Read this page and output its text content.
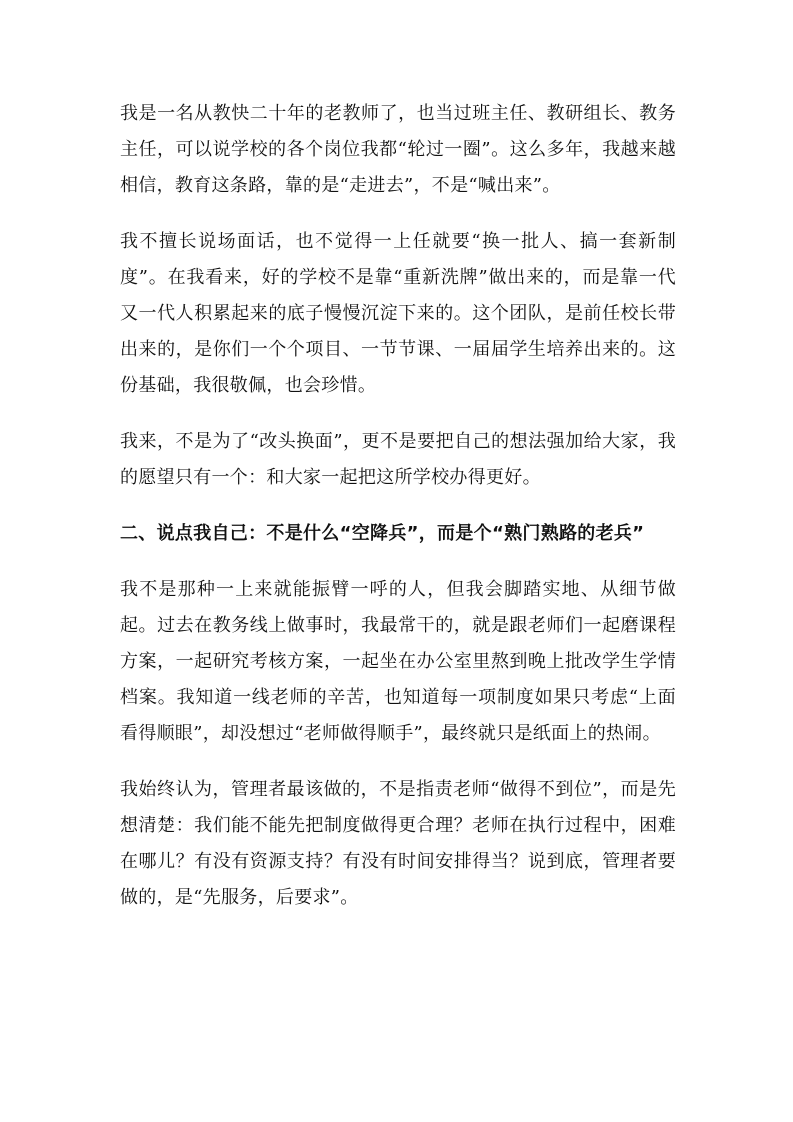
我是一名从教快二十年的老教师了，也当过班主任、教研组长、教务主任，可以说学校的各个岗位我都“轮过一圈”。这么多年，我越来越相信，教育这条路，靠的是“走进去”，不是“喊出来”。

我不擅长说场面话，也不觉得一上任就要“换一批人、搞一套新制度”。在我看来，好的学校不是靠“重新洗牌”做出来的，而是靠一代又一代人积累起来的底子慢慢沉淀下来的。这个团队，是前任校长带出来的，是你们一个个项目、一节节课、一届届学生培养出来的。这份基础，我很敬佩，也会珍惜。

我来，不是为了“改头换面”，更不是要把自己的想法强加给大家，我的愿望只有一个：和大家一起把这所学校办得更好。

二、说点我自己：不是什么“空降兵”，而是个“熟门熟路的老兵”

我不是那种一上来就能振臂一呼的人，但我会脚踏实地、从细节做起。过去在教务线上做事时，我最常干的，就是跟老师们一起磨课程方案，一起研究考核方案，一起坐在办公室里熬到晚上批改学生学情档案。我知道一线老师的辛苦，也知道每一项制度如果只考虑“上面看得顺眼”，却没想过“老师做得顺手”，最终就只是纸面上的热闹。

我始终认为，管理者最该做的，不是指责老师“做得不到位”，而是先想清楚：我们能不能先把制度做得更合理？老师在执行过程中，困难在哪儿？有没有资源支持？有没有时间安排得当？说到底，管理者要做的，是“先服务，后要求”。
